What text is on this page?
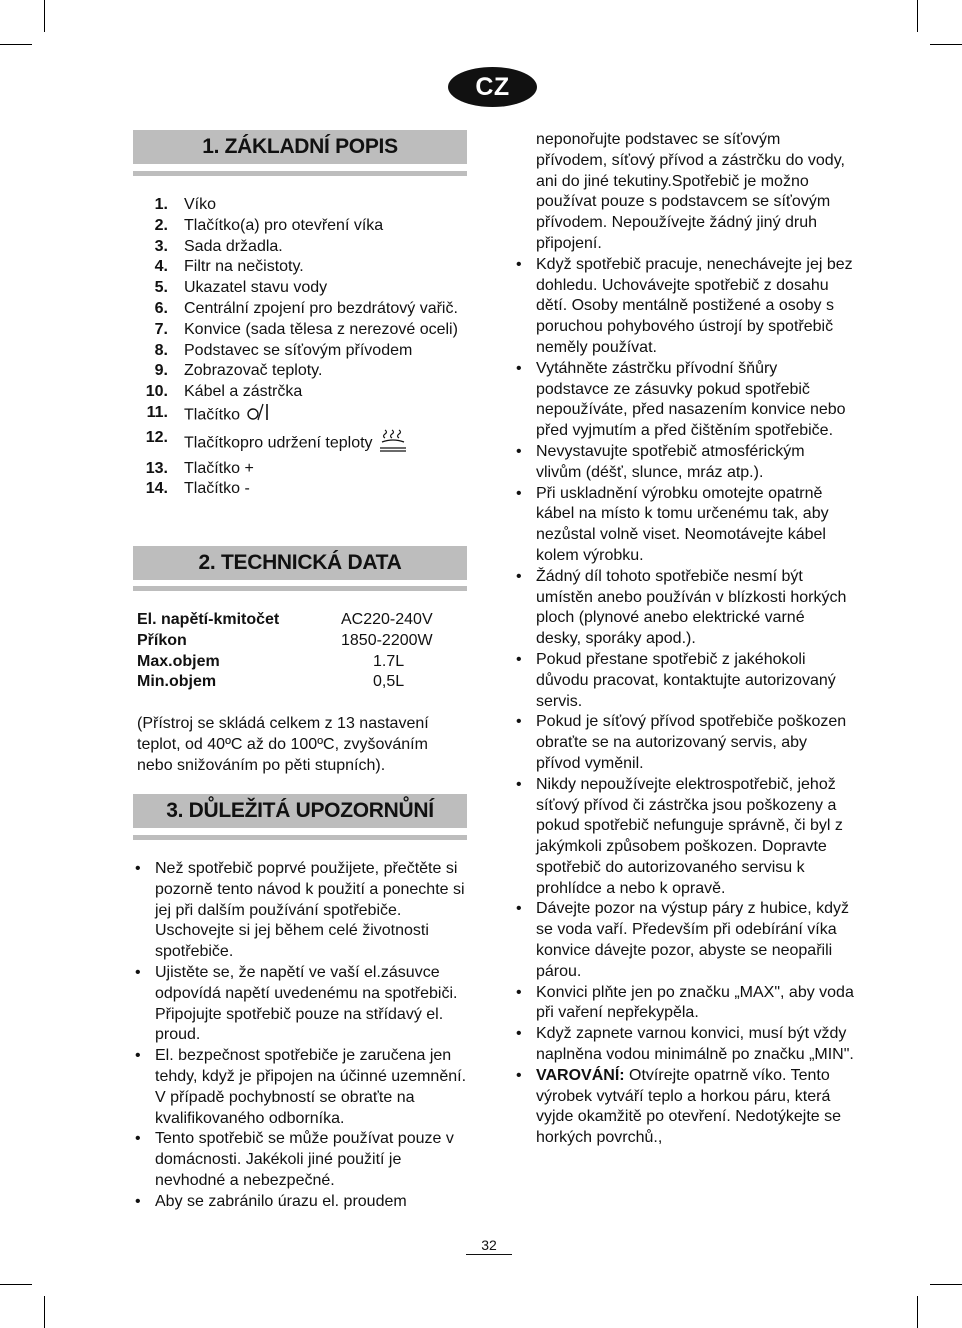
CZ
1. ZÁKLADNÍ POPIS
1.	Víko
2.	Tlačítko(a) pro otevření víka
3.	Sada držadla.
4.	Filtr na nečistoty.
5.	Ukazatel stavu vody
6.	Centrální zpojení pro bezdrátový vařič.
7.	Konvice (sada tělesa z nerezové oceli)
8.	Podstavec se síťovým přívodem
9.	Zobrazovač teploty.
10.	Kábel a zástrčka
11.	Tlačítko
12.	Tlačítkopro udržení teploty
13.	Tlačítko +
14.	Tlačítko -
2. TECHNICKÁ DATA
El. napětí-kmitočet	AC220-240V
Příkon	1850-2200W
Max.objem	1.7L
Min.objem	0,5L

(Přístroj se skládá celkem z 13 nastavení teplot, od 40ºC až do 100ºC, zvyšováním nebo snižováním po pěti stupních).

3. DŮLEŽITÁ UPOZORNŮNÍ
• Než spotřebič poprvé použijete, přečtěte si pozorně tento návod k použití a ponechte si jej při dalším používání spotřebiče. Uschovejte si jej během celé životnosti spotřebiče.
• Ujistěte se, že napětí ve vaší el.zásuvce odpovídá napětí uvedenému na spotřebiči. Připojujte spotřebič pouze na střídavý el. proud.
• El. bezpečnost spotřebiče je zaručena jen tehdy, když je připojen na účinné uzemnění. V případě pochybností se obraťte na kvalifikovaného odborníka.
• Tento spotřebič se může používat pouze v domácnosti. Jakékoli jiné použití je nevhodné a nebezpečné.
• Aby se zabránilo úrazu el. proudem
neponořujte podstavec se síťovým přívodem, síťový přívod a zástrčku do vody, ani do jiné tekutiny.Spotřebič je možno používat pouze s podstavcem se síťovým přívodem. Nepoužívejte žádný jiný druh připojení.
• Když spotřebič pracuje, nenechávejte jej bez dohledu. Uchovávejte spotřebič z dosahu dětí. Osoby mentálně postižené a osoby s poruchou pohybového ústrojí by spotřebič neměly používat.
• Vytáhněte zástrčku přívodní šňůry podstavce ze zásuvky pokud spotřebič nepoužíváte, před nasazením konvice nebo před vyjmutím a před čištěním spotřebiče.
• Nevystavujte spotřebič atmosférickým vlivům (déšť, slunce, mráz atp.).
• Při uskladnění výrobku omotejte opatrně kábel na místo k tomu určenému tak, aby nezůstal volně viset. Neomotávejte kábel kolem výrobku.
• Žádný díl tohoto spotřebiče nesmí být umístěn anebo používán v blízkosti horkých ploch (plynové anebo elektrické varné desky, sporáky apod.).
• Pokud přestane spotřebič z jakéhokoli důvodu pracovat, kontaktujte autorizovaný servis.
• Pokud je síťový přívod spotřebiče poškozen obraťte se na autorizovaný servis, aby přívod vyměnil.
• Nikdy nepoužívejte elektrospotřebič, jehož síťový přívod či zástrčka jsou poškozeny a pokud spotřebič nefunguje správně, či byl z jakýmkoli způsobem poškozen. Dopravte spotřebič do autorizovaného servisu k prohlídce a nebo k opravě.
• Dávejte pozor na výstup páry z hubice, když se voda vaří. Především při odebírání víka konvice dávejte pozor, abyste se neopařili párou.
• Konvici plňte jen po značku „MAX", aby voda při vaření nepřekypěla.
• Když zapnete varnou konvici, musí být vždy naplněna vodou minimálně po značku „MIN".
• VAROVÁNÍ: Otvírejte opatrně víko. Tento výrobek vytváří teplo a horkou páru, která vyjde okamžitě po otevření. Nedotýkejte se horkých povrchů.,
32
